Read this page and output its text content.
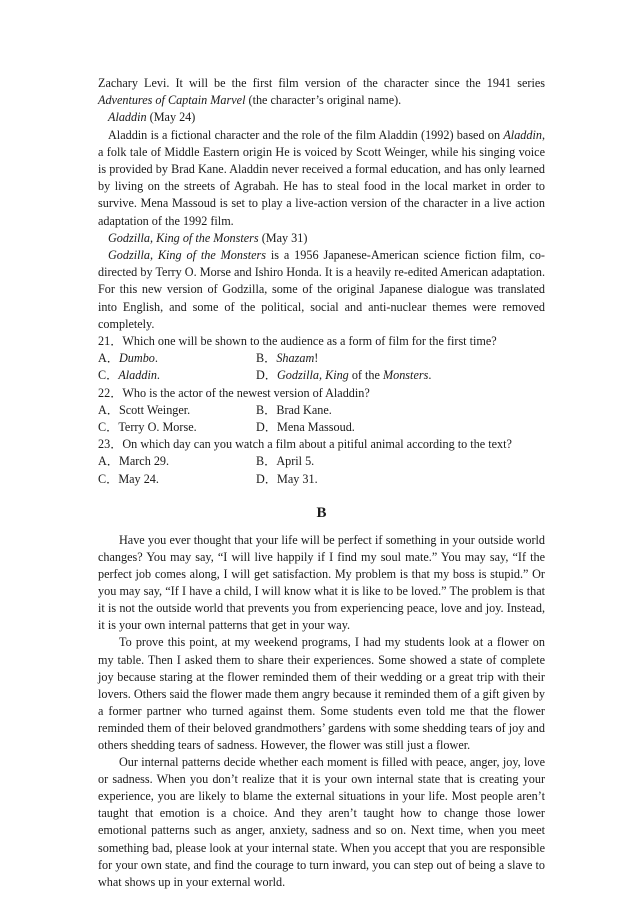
Zachary Levi. It will be the first film version of the character since the 1941 series Adventures of Captain Marvel (the character’s original name).

Aladdin (May 24)

Aladdin is a fictional character and the role of the film Aladdin (1992) based on Aladdin, a folk tale of Middle Eastern origin He is voiced by Scott Weinger, while his singing voice is provided by Brad Kane. Aladdin never received a formal education, and has only learned by living on the streets of Agrabah. He has to steal food in the local market in order to survive. Mena Massoud is set to play a live-action version of the character in a live action adaptation of the 1992 film.

Godzilla, King of the Monsters (May 31)

Godzilla, King of the Monsters is a 1956 Japanese-American science fiction film, co-directed by Terry O. Morse and Ishiro Honda. It is a heavily re-edited American adaptation. For this new version of Godzilla, some of the original Japanese dialogue was translated into English, and some of the political, social and anti-nuclear themes were removed completely.

21．Which one will be shown to the audience as a form of film for the first time?
A．Dumbo.	B．Shazam!
C．Aladdin.	D．Godzilla, King of the Monsters.
22．Who is the actor of the newest version of Aladdin?
A．Scott Weinger.	B．Brad Kane.
C．Terry O. Morse.	D．Mena Massoud.
23．On which day can you watch a film about a pitiful animal according to the text?
A．March 29.	B．April 5.
C．May 24.	D．May 31.
B

Have you ever thought that your life will be perfect if something in your outside world changes? You may say, “I will live happily if I find my soul mate.” You may say, “If the perfect job comes along, I will get satisfaction. My problem is that my boss is stupid.” Or you may say, “If I have a child, I will know what it is like to be loved.” The problem is that it is not the outside world that prevents you from experiencing peace, love and joy. Instead, it is your own internal patterns that get in your way.

To prove this point, at my weekend programs, I had my students look at a flower on my table. Then I asked them to share their experiences. Some showed a state of complete joy because staring at the flower reminded them of their wedding or a great trip with their lovers. Others said the flower made them angry because it reminded them of a gift given by a former partner who turned against them. Some students even told me that the flower reminded them of their beloved grandmothers’ gardens with some shedding tears of joy and others shedding tears of sadness. However, the flower was still just a flower.

Our internal patterns decide whether each moment is filled with peace, anger, joy, love or sadness. When you don’t realize that it is your own internal state that is creating your experience, you are likely to blame the external situations in your life. Most people aren’t taught that emotion is a choice. And they aren’t taught how to change those lower emotional patterns such as anger, anxiety, sadness and so on. Next time, when you meet something bad, please look at your internal state. When you accept that you are responsible for your own state, and find the courage to turn inward, you can step out of being a slave to what shows up in your external world.
